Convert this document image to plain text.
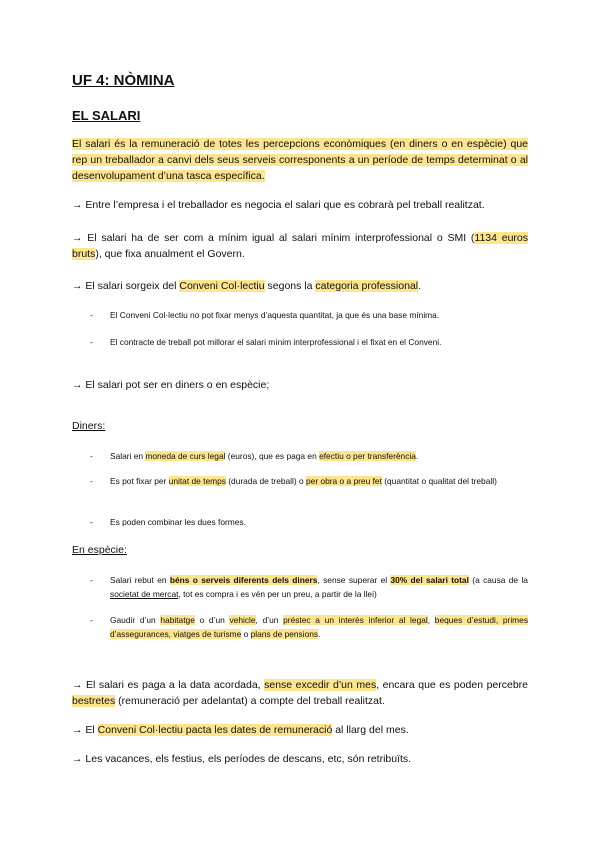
UF 4: NÒMINA
EL SALARI
El salari és la remuneració de totes les percepcions econòmiques (en diners o en espècie) que rep un treballador a canvi dels seus serveis corresponents a un període de temps determinat o al desenvolupament d’una tasca específica.
→ Entre l’empresa i el treballador es negocia el salari que es cobrarà pel treball realitzat.
→ El salari ha de ser com a mínim igual al salari mínim interprofessional o SMI (1134 euros bruts), que fixa anualment el Govern.
→ El salari sorgeix del Conveni Col·lectiu segons la categoria professional.
- El Conveni Col·lectiu no pot fixar menys d’aquesta quantitat, ja que és una base mínima.
- El contracte de treball pot millorar el salari mínim interprofessional i el fixat en el Conveni.
→ El salari pot ser en diners o en espècie;
Diners:
- Salari en moneda de curs legal (euros), que es paga en efectiu o per transferència.
- Es pot fixar per unitat de temps (durada de treball) o per obra o a preu fet (quantitat o qualitat del treball)
- Es poden combinar les dues formes.
En espècie:
- Salari rebut en béns o serveis diferents dels diners, sense superar el 30% del salari total (a causa de la societat de mercat, tot es compra i es vén per un preu, a partir de la llei)
- Gaudir d’un habitatge o d’un vehicle, d’un préstec a un interès inferior al legal, beques d’estudi, primes d’assegurances, viatges de turisme o plans de pensions.
→ El salari es paga a la data acordada, sense excedir d’un mes, encara que es poden percebre bestretes (remuneració per adelantat) a compte del treball realitzat.
→ El Conveni Col·lectiu pacta les dates de remuneració al llarg del mes.
→ Les vacances, els festius, els períodes de descans, etc, són retribuïts.
